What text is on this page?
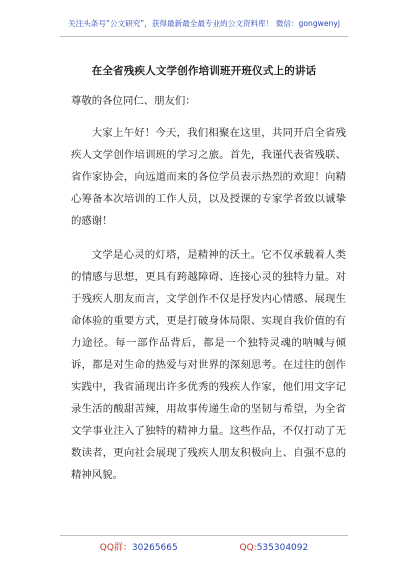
关注头条号“公文研究”，获得最新最全最专业的公文资料库！ 微信：gongwenyj
在全省残疾人文学创作培训班开班仪式上的讲话

尊敬的各位同仁、朋友们：

大家上午好！今天，我们相聚在这里，共同开启全省残疾人文学创作培训班的学习之旅。首先，我谨代表省残联、省作家协会，向远道而来的各位学员表示热烈的欢迎！向精心筹备本次培训的工作人员，以及授课的专家学者致以诚挚的感谢！

文学是心灵的灯塔，是精神的沃土。它不仅承载着人类的情感与思想，更具有跨越障碍、连接心灵的独特力量。对于残疾人朋友而言，文学创作不仅是抒发内心情感、展现生命体验的重要方式，更是打破身体局限、实现自我价值的有力途径。每一部作品背后，都是一个独特灵魂的呐喊与倾诉，都是对生命的热爱与对世界的深刻思考。在过往的创作实践中，我省涌现出许多优秀的残疾人作家，他们用文字记录生活的酸甜苦辣，用故事传递生命的坚韧与希望，为全省文学事业注入了独特的精神力量。这些作品，不仅打动了无数读者，更向社会展现了残疾人朋友积极向上、自强不息的精神风貌。

QQ群：30265665	QQ:535304092
